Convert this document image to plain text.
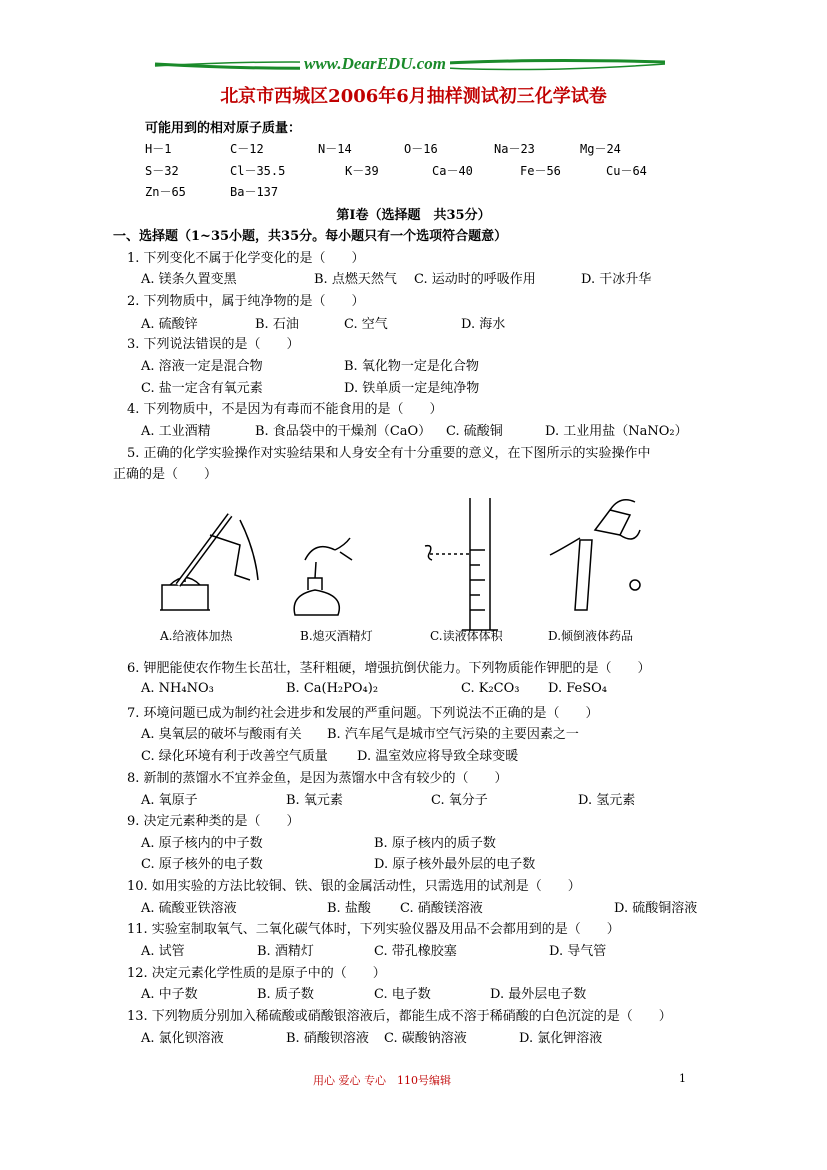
www.DearEDU.com
北京市西城区2006年6月抽样测试初三化学试卷
可能用到的相对原子质量：
H－1	C－12	N－14	O－16	Na－23	Mg－24
S－32	Cl－35.5	K－39	Ca－40	Fe－56	Cu－64
Zn－65	Ba－137
第Ⅰ卷（选择题　共35分）
一、选择题（1~35小题，共35分。每小题只有一个选项符合题意）
1. 下列变化不属于化学变化的是（　　）
A. 镁条久置变黑	B. 点燃天然气 C. 运动时的呼吸作用	D. 干冰升华
2. 下列物质中，属于纯净物的是（　　）
A. 硫酸锌	B. 石油	C. 空气	D. 海水
3. 下列说法错误的是（　　）
A. 溶液一定是混合物	B. 氧化物一定是化合物
C. 盐一定含有氧元素	D. 铁单质一定是纯净物
4. 下列物质中，不是因为有毒而不能食用的是（　　）
A. 工业酒精	B. 食品袋中的干燥剂（CaO） C. 硫酸铜	D. 工业用盐（NaNO₂）
5. 正确的化学实验操作对实验结果和人身安全有十分重要的意义，在下图所示的实验操作中
正确的是（　　）
A.给液体加热	B.熄灭酒精灯	C.读液体体积	D.倾倒液体药品
6. 钾肥能使农作物生长茁壮，茎秆粗硬，增强抗倒伏能力。下列物质能作钾肥的是（　　）
A. NH₄NO₃	B. Ca(H₂PO₄)₂	C. K₂CO₃ D. FeSO₄
7. 环境问题已成为制约社会进步和发展的严重问题。下列说法不正确的是（　　）
A. 臭氧层的破坏与酸雨有关 B. 汽车尾气是城市空气污染的主要因素之一
C. 绿化环境有利于改善空气质量 D. 温室效应将导致全球变暖
8. 新制的蒸馏水不宜养金鱼，是因为蒸馏水中含有较少的（　　）
A. 氧原子	B. 氧元素	C. 氧分子	D. 氢元素
9. 决定元素种类的是（　　）
A. 原子核内的中子数	B. 原子核内的质子数
C. 原子核外的电子数	D. 原子核外最外层的电子数
10. 如用实验的方法比较铜、铁、银的金属活动性，只需选用的试剂是（　　）
A. 硫酸亚铁溶液	B. 盐酸 C. 硝酸镁溶液	D. 硫酸铜溶液
11. 实验室制取氧气、二氧化碳气体时，下列实验仪器及用品不会都用到的是（　　）
A. 试管	B. 酒精灯	C. 带孔橡胶塞	D. 导气管
12. 决定元素化学性质的是原子中的（　　）
A. 中子数	B. 质子数	C. 电子数	D. 最外层电子数
13. 下列物质分别加入稀硫酸或硝酸银溶液后，都能生成不溶于稀硝酸的白色沉淀的是（　　）
A. 氯化钡溶液	B. 硝酸钡溶液 C. 碳酸钠溶液	D. 氯化钾溶液
用心 爱心 专心　110号编辑	1
